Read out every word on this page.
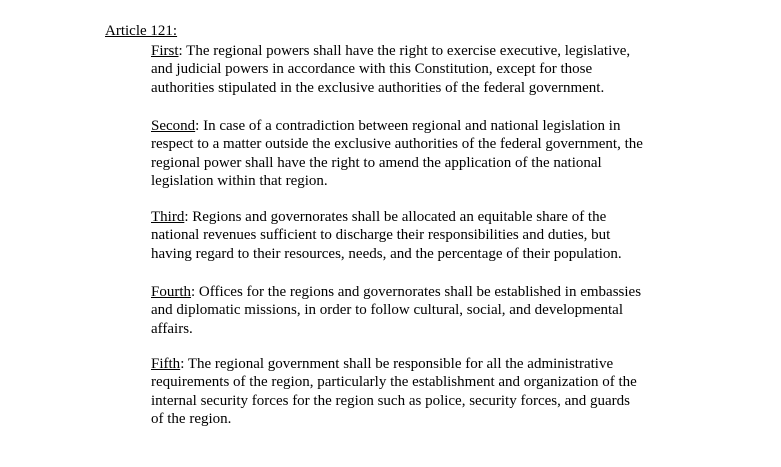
Article 121:

First: The regional powers shall have the right to exercise executive, legislative,
and judicial powers in accordance with this Constitution, except for those
authorities stipulated in the exclusive authorities of the federal government.

Second: In case of a contradiction between regional and national legislation in
respect to a matter outside the exclusive authorities of the federal government, the
regional power shall have the right to amend the application of the national
legislation within that region.

Third: Regions and governorates shall be allocated an equitable share of the
national revenues sufficient to discharge their responsibilities and duties, but
having regard to their resources, needs, and the percentage of their population.

Fourth: Offices for the regions and governorates shall be established in embassies
and diplomatic missions, in order to follow cultural, social, and developmental
affairs.

Fifth: The regional government shall be responsible for all the administrative
requirements of the region, particularly the establishment and organization of the
internal security forces for the region such as police, security forces, and guards
of the region.
